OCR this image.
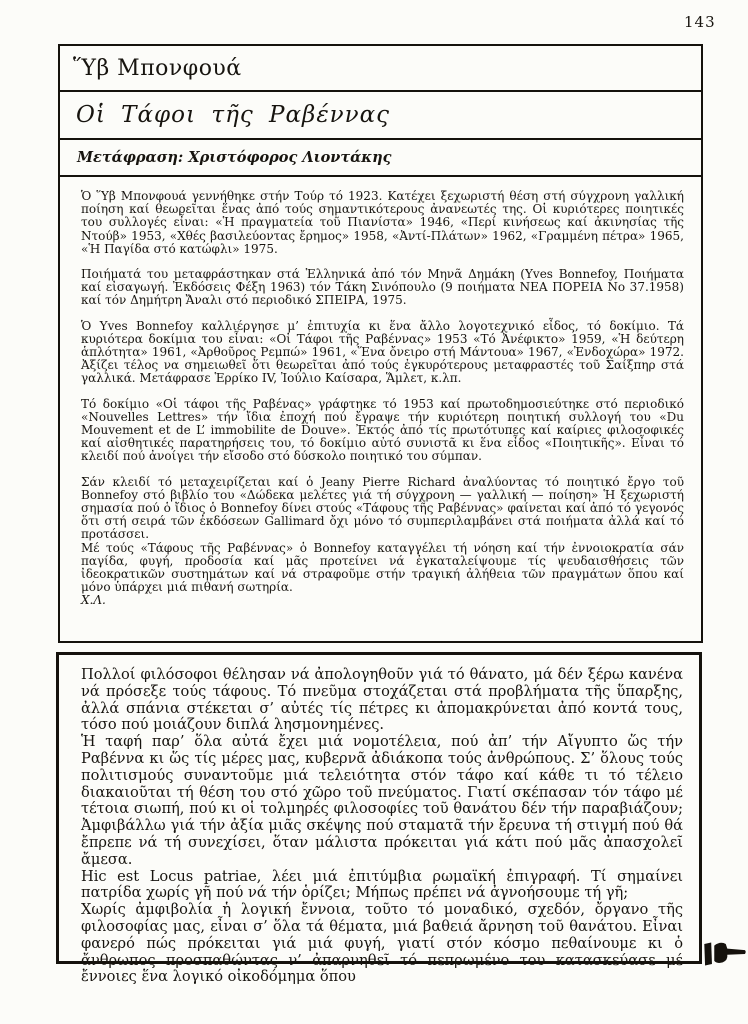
143
Ὕβ Μπονφουά
Οἱ Τάφοι τῆς Ραβέννας
Μετάφραση: Χριστόφορος Λιοντάκης

Ὁ Ὕβ Μπονφουά γεννήθηκε στήν Τούρ τό 1923. Κατέχει ξεχωριστή θέση στή σύγχρονη γαλλική ποίηση καί θεωρεῖται ἕνας ἀπό τούς σημαντικότερους ἀνανεωτές της. Οἱ κυριότερες ποιητικές του συλλογές εἶναι: «Ἡ πραγματεία τοῦ Πιανίστα» 1946, «Περί κινήσεως καί ἀκινησίας τῆς Ντούβ» 1953, «Χθές βασιλεύοντας ἔρημος» 1958, «Ἀντί-Πλάτων» 1962, «Γραμμένη πέτρα» 1965, «Ἡ Παγίδα στό κατώφλι» 1975.

Ποιήματά του μεταφράστηκαν στά Ἑλληνικά ἀπό τόν Μηνᾶ Δημάκη (Yves Bonnefoy, Ποιήματα καί εἰσαγωγή. Ἐκδόσεις Φέξη 1963) τόν Τάκη Σινόπουλο (9 ποιήματα ΝΕΑ ΠΟΡΕΙΑ Νο 37.1958) καί τόν Δημήτρη Ἄναλι στό περιοδικό ΣΠΕΙΡΑ, 1975.

Ὁ Yves Bonnefoy καλλιέργησε μ’ ἐπιτυχία κι ἕνα ἄλλο λογοτεχνικό εἶδος, τό δοκίμιο. Τά κυριότερα δοκίμια του εἶναι: «Οἱ Τάφοι τῆς Ραβέννας» 1953 «Τό Ἀνέφικτο» 1959, «Ἡ δεύτερη ἁπλότητα» 1961, «Ἀρθοῦρος Ρεμπώ» 1961, «Ἕνα ὄνειρο στή Μάντουα» 1967, «Ἐνδοχώρα» 1972. Ἀξίζει τέλος να σημειωθεῖ ὅτι θεωρεῖται ἀπό τούς ἐγκυρότερους μεταφραστές τοῦ Σαίξπηρ στά γαλλικά. Μετάφρασε Ἑρρίκο IV, Ἰούλιο Καίσαρα, Ἅμλετ, κ.λπ.

Τό δοκίμιο «Οἱ τάφοι τῆς Ραβένας» γράφτηκε τό 1953 καί πρωτοδημοσιεύτηκε στό περιοδικό «Nouvelles Lettres» τήν ἴδια ἐποχή πού ἔγραψε τήν κυριότερη ποιητική συλλογή του «Du Mouvement et de L’ immobilite de Douve». Ἐκτός ἀπό τίς πρωτότυπες καί καίριες φιλοσοφικές καί αἰσθητικές παρατηρήσεις του, τό δοκίμιο αὐτό συνιστᾶ κι ἕνα εἶδος «Ποιητικῆς». Εἶναι τό κλειδί πού ἀνοίγει τήν εἴσοδο στό δύσκολο ποιητικό του σύμπαν.

Σάν κλειδί τό μεταχειρίζεται καί ὁ Jeany Pierre Richard ἀναλύοντας τό ποιητικό ἔργο τοῦ Bonnefoy στό βιβλίο του «Δώδεκα μελέτες γιά τή σύγχρονη — γαλλική — ποίηση» Ἡ ξεχωριστή σημασία πού ὁ ἴδιος ὁ Bonnefoy δίνει στούς «Τάφους τῆς Ραβέννας» φαίνεται καί ἀπό τό γεγονός ὅτι στή σειρά τῶν ἐκδόσεων Gallimard ὄχι μόνο τό συμπεριλαμβάνει στά ποιήματα ἀλλά καί τό προτάσσει.

Μέ τούς «Τάφους τῆς Ραβέννας» ὁ Bonnefoy καταγγέλει τή νόηση καί τήν ἐννοιοκρατία σάν παγίδα, φυγή, προδοσία καί μᾶς προτείνει νά ἐγκαταλείψουμε τίς ψευδαισθήσεις τῶν ἰδεοκρατικῶν συστημάτων καί νά στραφοῦμε στήν τραγική ἀλήθεια τῶν πραγμάτων ὅπου καί μόνο ὑπάρχει μιά πιθανή σωτηρία.

Χ.Λ.

Πολλοί φιλόσοφοι θέλησαν νά ἀπολογηθοῦν γιά τό θάνατο, μά δέν ξέρω κανένα νά πρόσεξε τούς τάφους. Τό πνεῦμα στοχάζεται στά προβλήματα τῆς ὕπαρξης, ἀλλά σπάνια στέκεται σ’ αὐτές τίς πέτρες κι ἀπομακρύνεται ἀπό κοντά τους, τόσο πού μοιάζουν διπλά λησμονημένες.

Ἡ ταφή παρ’ ὅλα αὐτά ἔχει μιά νομοτέλεια, πού ἀπ’ τήν Αἴγυπτο ὥς τήν Ραβέννα κι ὥς τίς μέρες μας, κυβερνᾶ ἀδιάκοπα τούς ἀνθρώπους. Σ’ ὅλους τούς πολιτισμούς συναντοῦμε μιά τελειότητα στόν τάφο καί κάθε τι τό τέλειο διακαιοῦται τή θέση του στό χῶρο τοῦ πνεύματος. Γιατί σκέπασαν τόν τάφο μέ τέτοια σιωπή, πού κι οἱ τολμηρές φιλοσοφίες τοῦ θανάτου δέν τήν παραβιάζουν; Ἀμφιβάλλω γιά τήν ἀξία μιᾶς σκέψης πού σταματᾶ τήν ἔρευνα τή στιγμή πού θά ἔπρεπε νά τή συνεχίσει, ὅταν μάλιστα πρόκειται γιά κάτι πού μᾶς ἀπασχολεῖ ἄμεσα.

Hic est Locus patriae, λέει μιά ἐπιτύμβια ρωμαϊκή ἐπιγραφή. Τί σημαίνει πατρίδα χωρίς γῆ πού νά τήν ὁρίζει; Μήπως πρέπει νά ἀγνοήσουμε τή γῆ;

Χωρίς ἀμφιβολία ἡ λογική ἔννοια, τοῦτο τό μοναδικό, σχεδόν, ὄργανο τῆς φιλοσοφίας μας, εἶναι σ’ ὅλα τά θέματα, μιά βαθειά ἄρνηση τοῦ θανάτου. Εἶναι φανερό πώς πρόκειται γιά μιά φυγή, γιατί στόν κόσμο πεθαίνουμε κι ὁ ἄνθρωπος προσπαθώντας ν’ ἀπαρνηθεῖ τό πεπρωμένο του κατασκεύασε μέ ἔννοιες ἕνα λογικό οἰκοδόμημα ὅπου
